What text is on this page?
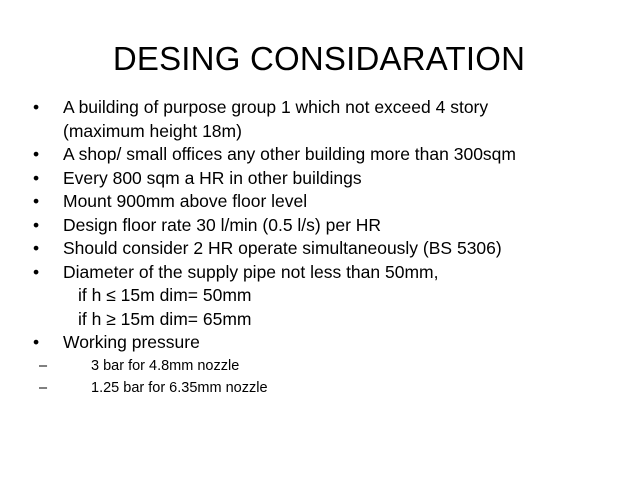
DESING CONSIDARATION
•	A building of purpose group 1 which not exceed 4 story
(maximum height 18m)
•	A shop/ small offices any other building more than 300sqm
•	Every 800 sqm a HR in other buildings
•	Mount 900mm above floor level
•	Design floor rate 30 l/min (0.5 l/s) per HR
•	Should consider 2 HR operate simultaneously (BS 5306)
•	Diameter of the supply pipe not less than 50mm,
if h ≤ 15m dim= 50mm
if h ≥ 15m dim= 65mm
•	Working pressure
–	3 bar for 4.8mm nozzle
–	1.25 bar for 6.35mm nozzle
